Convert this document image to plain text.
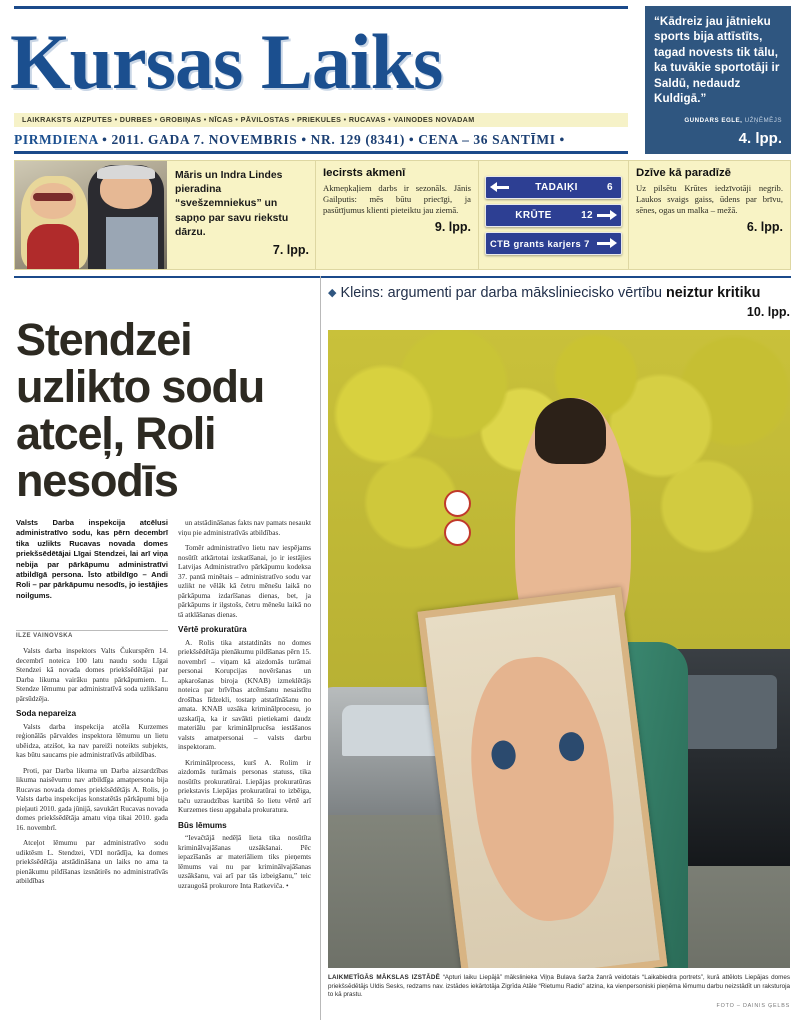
Kursas Laiks
LAIKRAKSTS AIZPUTES • DURBES • GROBIŅAS • NĪCAS • PĀVILOSTAS • PRIEKULES • RUCAVAS • VAINODES NOVADAM
PIRMDIENA • 2011. GADA 7. NOVEMBRIS • NR. 129 (8341) • CENA – 36 SANTĪMI •
“Kādreiz jau jātnieku sports bija attīstīts, tagad novests tik tālu, ka tuvākie sportotāji ir Saldū, nedaudz Kuldigā.”
GUNDARS EGLE, UŹŅĒMĒJS
4. lpp.

Māris un Indra Lindes pieradina “svešzemniekus” un sapņo par savu riekstu dārzu.

7. lpp.
Iecirsts akmenī

Akmeņkaļiem darbs ir sezonāls. Jānis Gailputis: mēs būtu priecīgi, ja pasūtījumus klienti pieteiktu jau ziemā.

9. lpp.
TADAIĶI	6
KRŪTE	12
CTB grants karjers 7
Dzīve kā paradīzē

Uz pilsētu Krūtes iedzīvotāji negrib. Laukos svaigs gaiss, ūdens par brīvu, sēnes, ogas un malka – mežā.

6. lpp.
Stendzei uzlikto sodu atceļ, Roli nesodīs
Valsts Darba inspekcija atcēlusi administratīvo sodu, kas pērn decembrī tika uzlikts Rucavas novada domes priekšsēdētājai Līgai Stendzei, lai arī viņa nebija par pārkāpumu administratīvi atbildīgā persona. Īsto atbildīgo – Andi Roli – par pārkāpumu nesodīs, jo iestājies noilgums.
ILZE VAINOVSKA

Valsts darba inspektors Valts Čukurspērn 14. decembrī noteica 100 latu naudu sodu Līgai Stendzei kā novada domes priekšsēdētājai par Darba likuma vairāku pantu pārkāpumiem. L. Stendze lēmumu par administratīvā soda uzlikšanu pārsūdzēja.

Soda nepareiza

Valsts darba inspekcija atcēla Kurzemes reģionālās pārvaldes inspektora lēmumu un lietu ubēidza, atzišot, ka nav pareiži noteikts subjekts, kas būtu saucams pie administratīvās atbildības.

Proti, par Darba likuma un Darba aizsardzības likuma naisēvumu nav atbildīga amatpersona bija Rucavas novada domes priekšsēdētājs A. Rolis, jo Valsts darba inspekcijas konstatētās pārkāpumi bija pieļauti 2010. gada jūnijā, savukārt Rucavas novada domes priekšsēdētāja amatu viņa tikai 2010. gada 16. novembrī.

Atceļot lēmumu par administratīvo sodu udiktēsm L. Stendzei, VDI norādīja, ka domes priekšsēdētāja atstādināšana un laiks no ama ta pienākumu pildīšanas izsnātirēs no administratīvās atbildības

un atstādināšanas fakts nav pamats nesaukt viņu pie administratīvās atbildības.

Tomēr administratīvo lietu nav iespējams nosūtīt atkārtotai izskatīšanai, jo ir iestājies Latvijas Administratīvo pārkāpumu kodeksa 37. pantā minētais – administratīvo sodu var uzlikt ne vēlāk kā četru mēnešu laikā no pārkāpuma izdarīšanas dienas, bet, ja pārkāpums ir ilgstošs, četru mēnešu laikā no tā atklāšanas dienas.

Vērtē prokuratūra

A. Rolis tika atstatdināts no domes priekšsēdētāja pienākumu pildīšanas pērn 15. novembrī – viņam kā aizdomās turāmai personai Korupcijas novēršanas un apkarošanas biroja (KNAB) izmeklētājs noteica par brīvības atcēmšanu nesaistītu drošības līdzekli, tostarp atstatīnāšanu no amata. KNAB uzsāka kriminālprocesu, jo uzskatīja, ka ir savākti pietiekami daudz materiālu par kriminālprucēsa iestāšanos valsts amatpersonai – valsts darbu inspektoram.

Kriminālprocess, kurš A. Rolim ir aizdomās turāmais personas statuss, tika nosūtīts prokuratūrai. Liepājas prokuratūras priekstavis Liepājas prokuratūrai to izbēiga, taču uzraudzības kartibā šo lietu vērtē arī Kurzemes tiesu apgabala prokuratura.

Būs lēmums

“Ievačtājā nedēļā lieta tika nosūtīta kriminālvajāšanas uzsākšanai. Pēc iepazīšanās ar materiāliem tiks pieņemts lēmums vai nu par kriminālvajāšanas uzsākšanu, vai arī par tās izbeigšanu,” teic uzraugošā prokurore Inta Ratkeviča. •

◆ Kleins: argumenti par darba māksliniecisko vērtību neiztur kritiku
10. lpp.
LAIKMETĪGĀS MĀKSLAS IZSTĀDĒ “Apturi laiku Liepājā” mākslinieka Viļņa Bulava šarža žanrā veidotais “Laikabiedra portrets”, kurā attēlots Liepājas domes priekšsēdētājs Uldis Sesks, redzams nav. izstādes iekārtotāja Zigrīda Atāle “Rietumu Radio” atzina, ka vienpersoniski pieņēma lēmumu darbu neizstādīt un raksturoja to kā prastu.
FOTO – DAINIS ĢELBS
